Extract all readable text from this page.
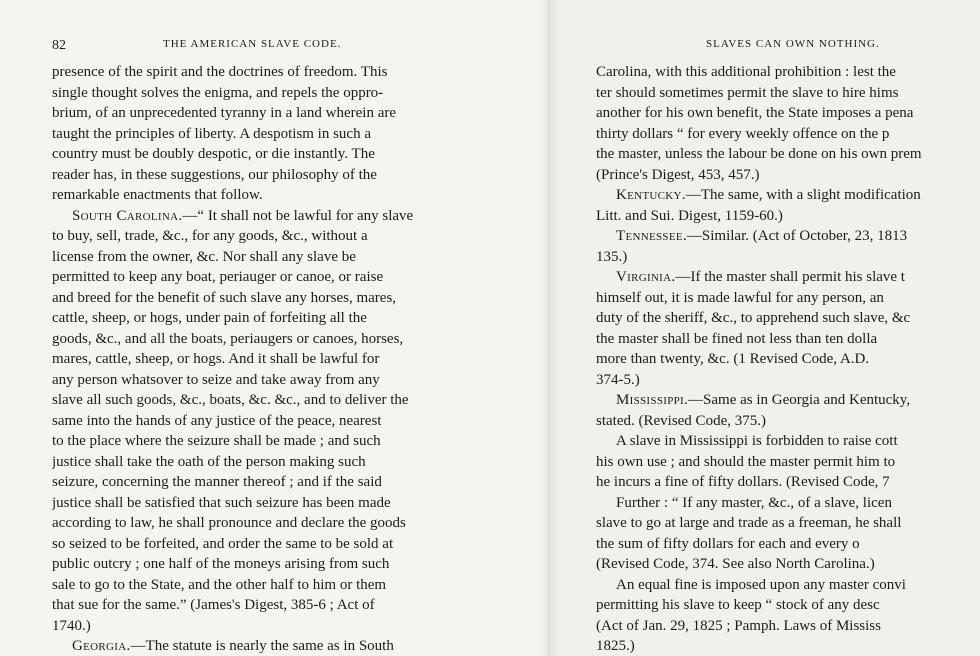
82	THE AMERICAN SLAVE CODE.
presence of the spirit and the doctrines of freedom. This
single thought solves the enigma, and repels the oppro-
brium, of an unprecedented tyranny in a land wherein are
taught the principles of liberty. A despotism in such a
country must be doubly despotic, or die instantly. The
reader has, in these suggestions, our philosophy of the
remarkable enactments that follow.
South Carolina.—“ It shall not be lawful for any slave
to buy, sell, trade, &c., for any goods, &c., without a
license from the owner, &c. Nor shall any slave be
permitted to keep any boat, periauger or canoe, or raise
and breed for the benefit of such slave any horses, mares,
cattle, sheep, or hogs, under pain of forfeiting all the
goods, &c., and all the boats, periaugers or canoes, horses,
mares, cattle, sheep, or hogs. And it shall be lawful for
any person whatsover to seize and take away from any
slave all such goods, &c., boats, &c. &c., and to deliver the
same into the hands of any justice of the peace, nearest
to the place where the seizure shall be made ; and such
justice shall take the oath of the person making such
seizure, concerning the manner thereof ; and if the said
justice shall be satisfied that such seizure has been made
according to law, he shall pronounce and declare the goods
so seized to be forfeited, and order the same to be sold at
public outcry ; one half of the moneys arising from such
sale to go to the State, and the other half to him or them
that sue for the same.” (James's Digest, 385-6 ; Act of
1740.)
Georgia.—The statute is nearly the same as in South
SLAVES CAN OWN NOTHING.
Carolina, with this additional prohibition : lest the
ter should sometimes permit the slave to hire hims
another for his own benefit, the State imposes a pena
thirty dollars “ for every weekly offence on the p
the master, unless the labour be done on his own prem
(Prince's Digest, 453, 457.)
Kentucky.—The same, with a slight modification
Litt. and Sui. Digest, 1159-60.)
Tennessee.—Similar. (Act of October, 23, 1813
135.)
Virginia.—If the master shall permit his slave t
himself out, it is made lawful for any person, an
duty of the sheriff, &c., to apprehend such slave, &c
the master shall be fined not less than ten dolla
more than twenty, &c. (1 Revised Code, A.D.
374-5.)
Mississippi.—Same as in Georgia and Kentucky,
stated. (Revised Code, 375.)
A slave in Mississippi is forbidden to raise cott
his own use ; and should the master permit him to
he incurs a fine of fifty dollars. (Revised Code, 7
Further : “ If any master, &c., of a slave, licen
slave to go at large and trade as a freeman, he shall
the sum of fifty dollars for each and every o
(Revised Code, 374. See also North Carolina.)
An equal fine is imposed upon any master convi
permitting his slave to keep “ stock of any desc
(Act of Jan. 29, 1825 ; Pamph. Laws of Mississ
1825.)
